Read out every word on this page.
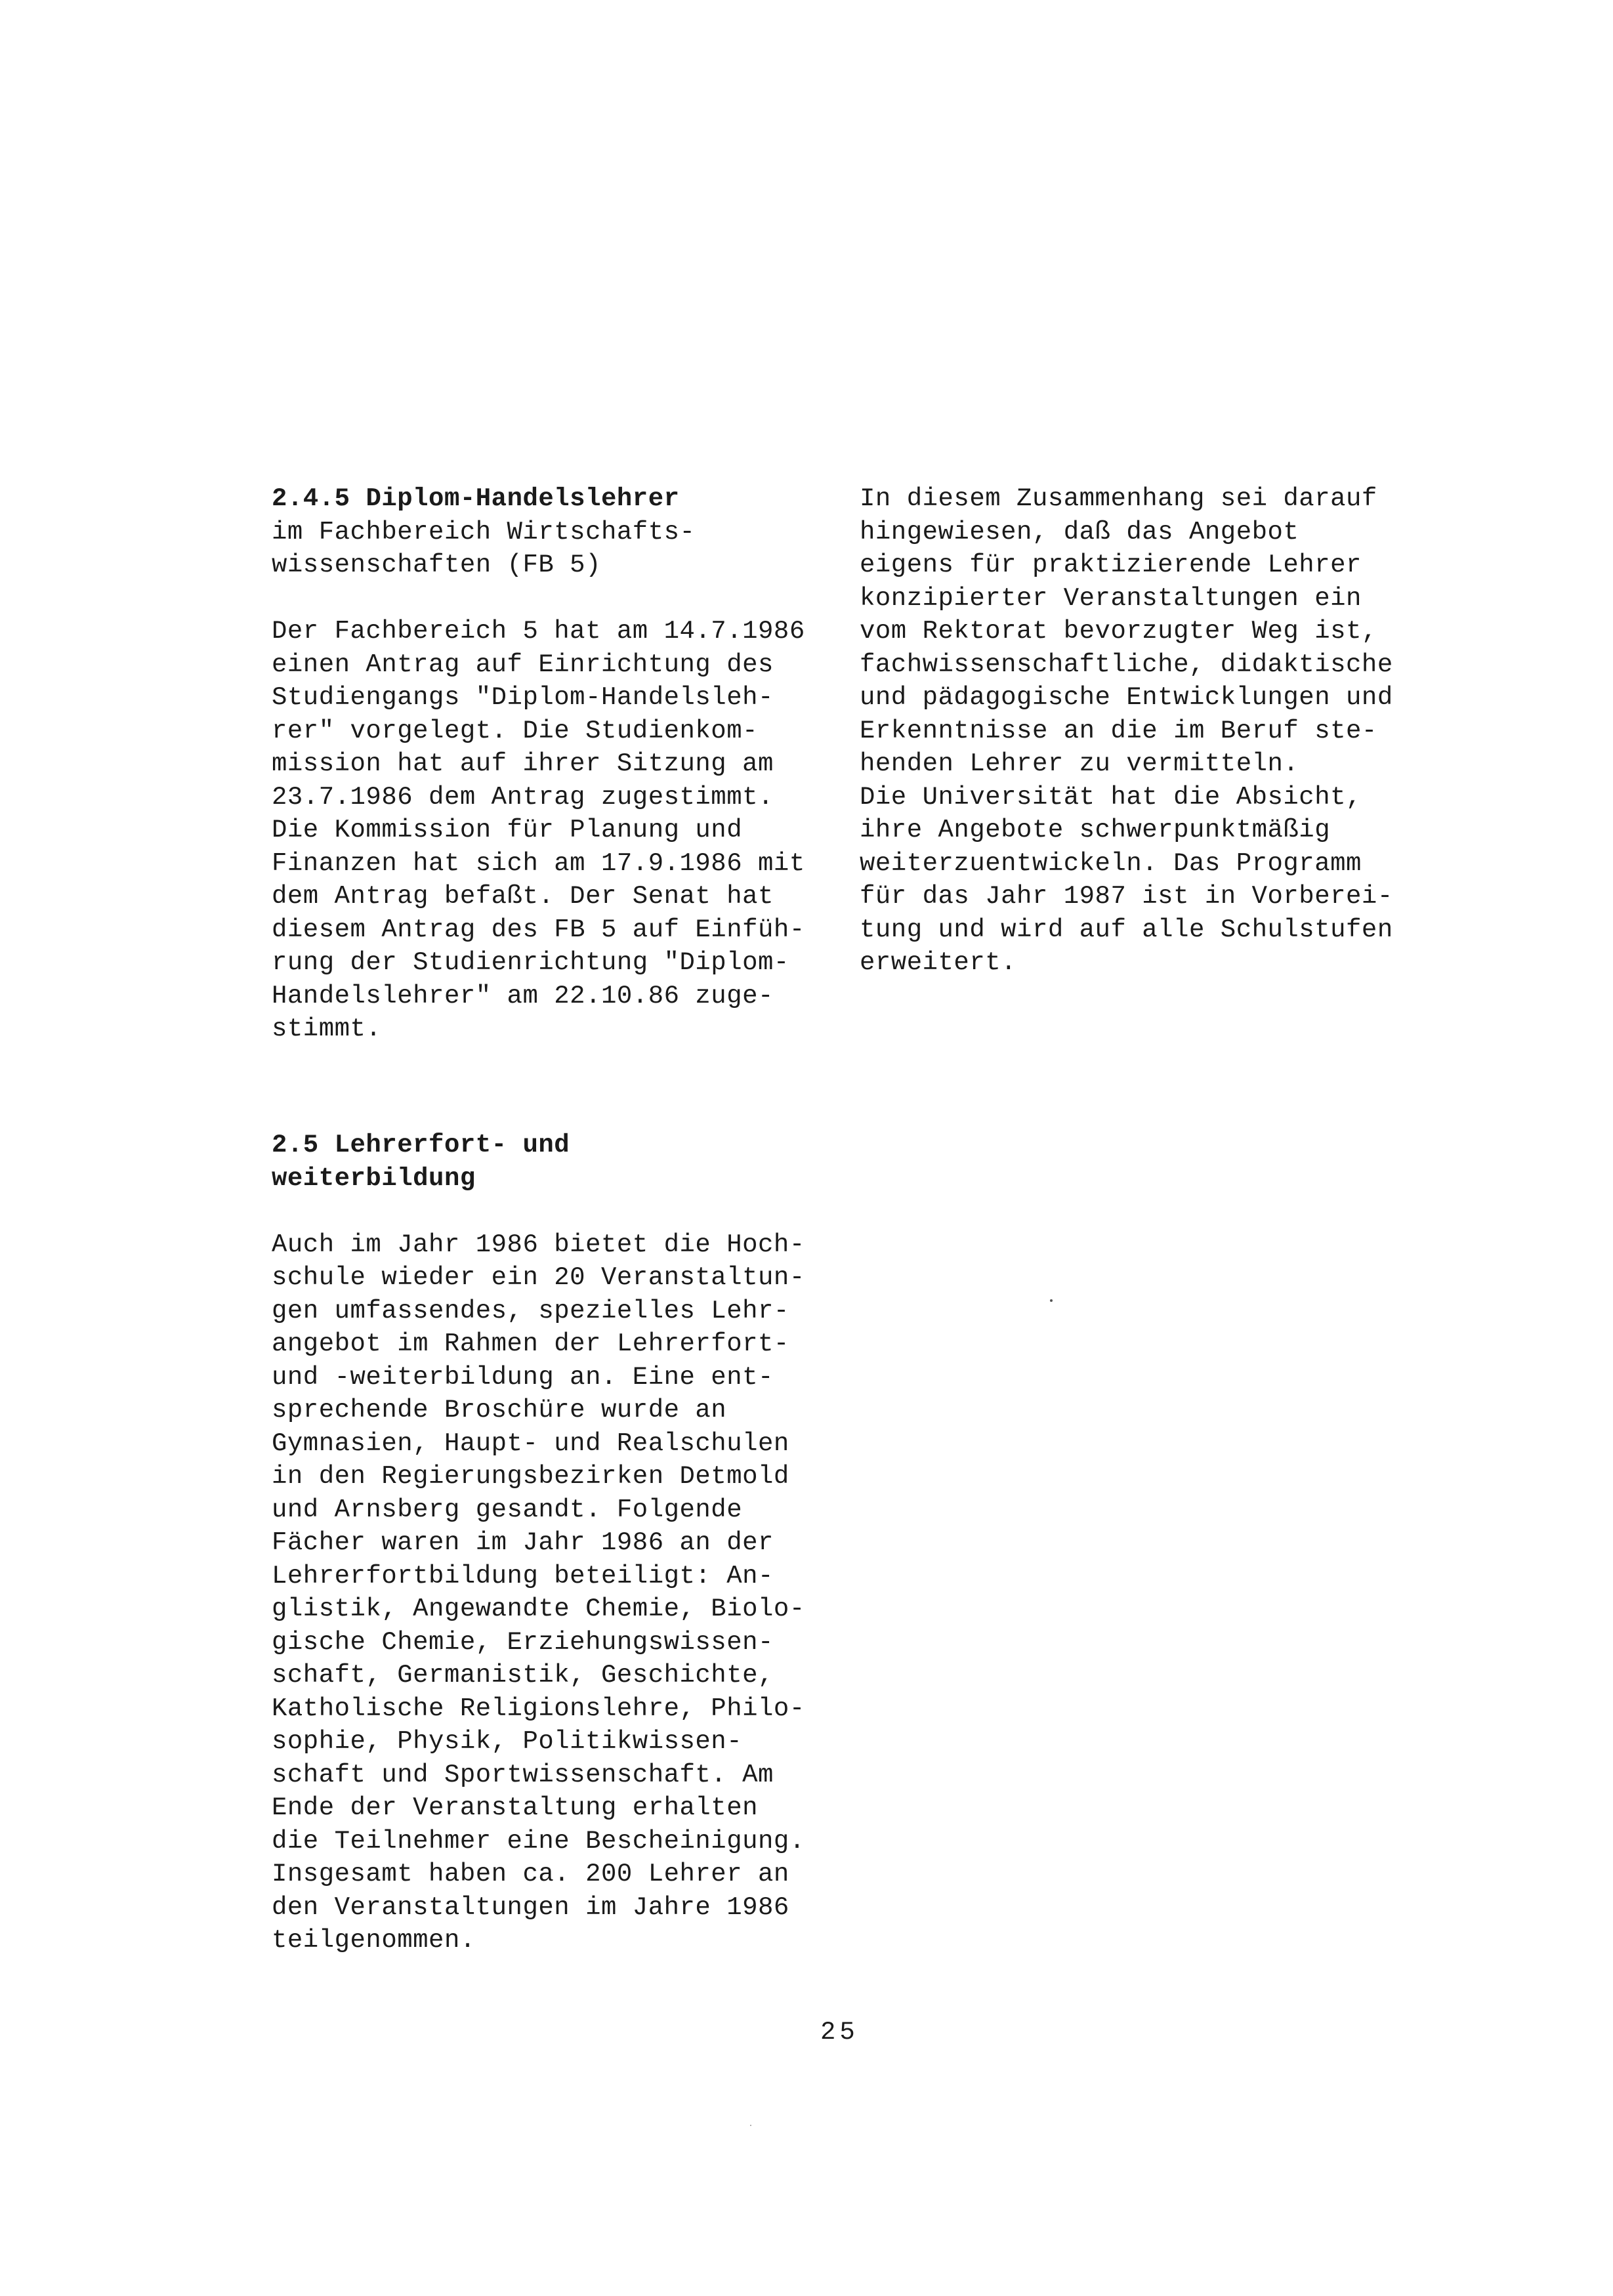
2.4.5 Diplom-Handelslehrer
im Fachbereich Wirtschafts-
wissenschaften (FB 5)
Der Fachbereich 5 hat am 14.7.1986
einen Antrag auf Einrichtung des
Studiengangs "Diplom-Handelsleh-
rer" vorgelegt. Die Studienkom-
mission hat auf ihrer Sitzung am
23.7.1986 dem Antrag zugestimmt.
Die Kommission für Planung und
Finanzen hat sich am 17.9.1986 mit
dem Antrag befaßt. Der Senat hat
diesem Antrag des FB 5 auf Einfüh-
rung der Studienrichtung "Diplom-
Handelslehrer" am 22.10.86 zuge-
stimmt.
2.5 Lehrerfort- und
weiterbildung
Auch im Jahr 1986 bietet die Hoch-
schule wieder ein 20 Veranstaltun-
gen umfassendes, spezielles Lehr-
angebot im Rahmen der Lehrerfort-
und -weiterbildung an. Eine ent-
sprechende Broschüre wurde an
Gymnasien, Haupt- und Realschulen
in den Regierungsbezirken Detmold
und Arnsberg gesandt. Folgende
Fächer waren im Jahr 1986 an der
Lehrerfortbildung beteiligt: An-
glistik, Angewandte Chemie, Biolo-
gische Chemie, Erziehungswissen-
schaft, Germanistik, Geschichte,
Katholische Religionslehre, Philo-
sophie, Physik, Politikwissen-
schaft und Sportwissenschaft. Am
Ende der Veranstaltung erhalten
die Teilnehmer eine Bescheinigung.
Insgesamt haben ca. 200 Lehrer an
den Veranstaltungen im Jahre 1986
teilgenommen.
In diesem Zusammenhang sei darauf
hingewiesen, daß das Angebot
eigens für praktizierende Lehrer
konzipierter Veranstaltungen ein
vom Rektorat bevorzugter Weg ist,
fachwissenschaftliche, didaktische
und pädagogische Entwicklungen und
Erkenntnisse an die im Beruf ste-
henden Lehrer zu vermitteln.
Die Universität hat die Absicht,
ihre Angebote schwerpunktmäßig
weiterzuentwickeln. Das Programm
für das Jahr 1987 ist in Vorberei-
tung und wird auf alle Schulstufen
erweitert.
25
